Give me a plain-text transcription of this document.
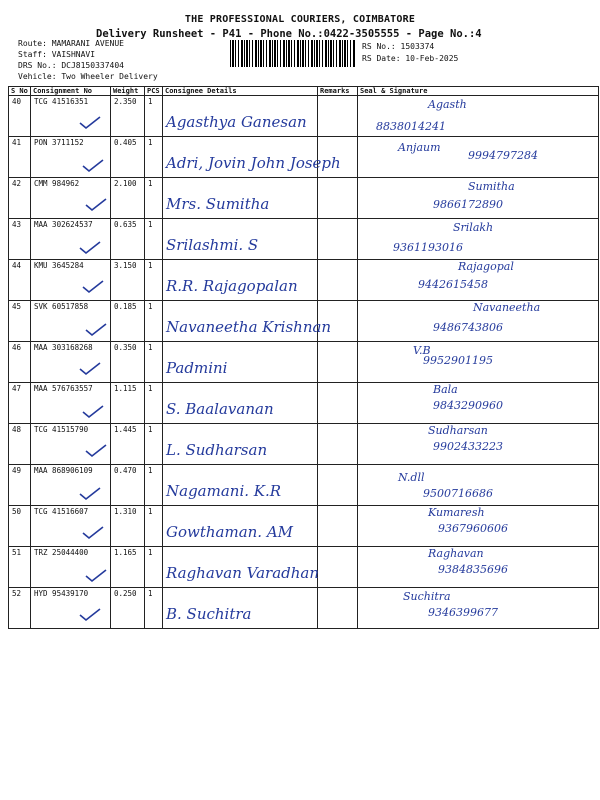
THE PROFESSIONAL COURIERS, COIMBATORE
Delivery Runsheet - P41 - Phone No.:0422-3505555 - Page No.:4
Route: MAMARANI AVENUE
Staff: VAISHNAVI
DRS No.: DCJ8150337404
Vehicle: Two Wheeler Delivery
RS No.: 1503374
RS Date: 10-Feb-2025
S No	Consignment No	Weight	PCS	Consignee Details	Remarks	Seal & Signature
40	TCG 41516351	2.350	1	Agasthya Ganesan		Agasth
8838014241

41	PON 3711152	0.405	1	Adri, Jovin John Joseph		Anjaum
9994797284

42	CMM 984962	2.100	1	Mrs. Sumitha		Sumitha
9866172890

43	MAA 302624537	0.635	1	Srilashmi. S		Srilakh
9361193016

44	KMU 3645284	3.150	1	R.R. Rajagopalan		Rajagopal
9442615458

45	SVK 60517858	0.185	1	Navaneetha Krishnan		Navaneetha
9486743806

46	MAA 303168268	0.350	1	Padmini		V.B
9952901195

47	MAA 576763557	1.115	1	S. Baalavanan		Bala
9843290960

48	TCG 41515790	1.445	1	L. Sudharsan		Sudharsan
9902433223

49	MAA 868906109	0.470	1	Nagamani. K.R		N.dll
9500716686

50	TCG 41516607	1.310	1	Gowthaman. AM		Kumaresh
9367960606

51	TRZ 25044400	1.165	1	Raghavan Varadhan		Raghavan
9384835696

52	HYD 95439170	0.250	1	B. Suchitra		Suchitra
9346399677
